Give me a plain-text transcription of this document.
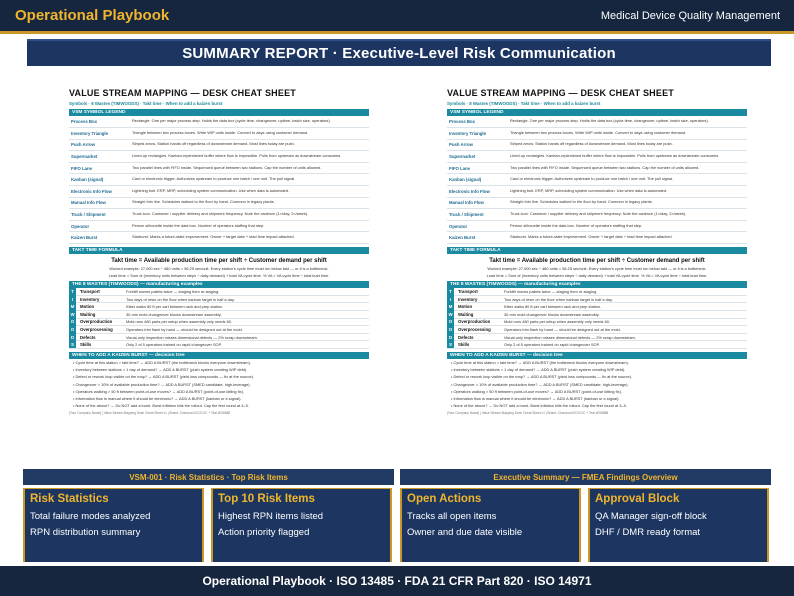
Operational Playbook	Medical Device Quality Management
SUMMARY REPORT · Executive-Level Risk Communication
VALUE STREAM MAPPING — DESK CHEAT SHEET
Symbols · 8 Wastes (TIMWOODS) · Takt time · When to add a kaizen burst
VSM SYMBOL LEGEND
Process Box	Rectangle. One per major process step. Holds the data box (cycle time, changeover, uptime, batch size, operators).
Inventory Triangle	Triangle between two process boxes. Write WIP units inside. Convert to days using customer demand.
Push Arrow	Striped arrow. Station hands off regardless of downstream demand. Most lines today are push.
Supermarket	Lined-up rectangles. Kanban-replenished buffer where flow is impossible. Pulls from upstream as downstream consumes.
FIFO Lane	Two parallel lines with FIFO inside. Sequenced queue between two stations. Cap the number of units allowed.
Kanban (signal)	Card or electronic trigger. Authorizes upstream to produce one batch / one unit. The pull signal.
Electronic Info Flow	Lightning bolt. ERP, MRP, scheduling system communication. Use when data is automated.
Manual Info Flow	Straight thin line. Schedules walked to the floor by hand. Common in legacy plants.
Truck / Shipment	Truck icon. Customer / supplier delivery and shipment frequency. Note the cadence (1×/day, 2×/week).
Operator	Person silhouette inside the data box. Number of operators staffing that step.
Kaizen Burst	Starburst. Marks a future-state improvement. Owner + target date + lead time impact attached.
TAKT TIME FORMULA
Takt time = Available production time per shift ÷ Customer demand per shift
Worked example: 27,000 sec ÷ 480 units = 56.25 sec/unit. Every station's cycle time must run below takt — or it is a bottleneck.
Lead time = Sum of (inventory units between steps ÷ daily demand) + total VA cycle time. % VA = VA cycle time ÷ total lead time.
THE 8 WASTES (TIMWOODS) — manufacturing examples
T	Transport	Forklift moves pallets twice — staging then re-staging.
I	Inventory	Two days of resin on the floor when kanban target is half a day.
M	Motion	Kitter walks 80 ft per cart between rack and prep station.
W	Waiting	30-min mold changeover blocks downstream assembly.
O	Overproduction	Mold runs 480 parts per setup when assembly only needs 60.
O	Overprocessing	Operators trim flash by hand — should be designed out at the mold.
D	Defects	Visual-only inspection misses dimensional defects — 2% scrap downstream.
S	Skills	Only 2 of 5 operators trained on rapid changeover SOP.
WHEN TO ADD A KAIZEN BURST — decision tree
• Cycle time at this station > takt time? → ADD A BURST (the bottleneck blocks everyone downstream).
• Inventory between stations > 1 day of demand? → ADD A BURST (push system creating WIP debt).
• Defect or rework loop visible on the map? → ADD A BURST (yield loss compounds — fix at the source).
• Changeover > 10% of available production time? → ADD A BURST (SMED candidate, high-leverage).
• Operators walking > 50 ft between point-of-use moves? → ADD A BURST (point-of-use kitting fix).
• Information flow is manual where it should be electronic? → ADD A BURST (kanban or e-signal).
• None of the above? → Do NOT add a burst. Burst inflation kills the rollout. Cap the first round at 3–5.
[Your Company Name] | Value Stream Mapping Desk Cheat Sheet v1 | Brand: Charcoal #2C2C2C + Teal #008888
VALUE STREAM MAPPING — DESK CHEAT SHEET
Symbols · 8 Wastes (TIMWOODS) · Takt time · When to add a kaizen burst
VSM SYMBOL LEGEND
Process Box	Rectangle. One per major process step. Holds the data box (cycle time, changeover, uptime, batch size, operators).
Inventory Triangle	Triangle between two process boxes. Write WIP units inside. Convert to days using customer demand.
Push Arrow	Striped arrow. Station hands off regardless of downstream demand. Most lines today are push.
Supermarket	Lined-up rectangles. Kanban-replenished buffer where flow is impossible. Pulls from upstream as downstream consumes.
FIFO Lane	Two parallel lines with FIFO inside. Sequenced queue between two stations. Cap the number of units allowed.
Kanban (signal)	Card or electronic trigger. Authorizes upstream to produce one batch / one unit. The pull signal.
Electronic Info Flow	Lightning bolt. ERP, MRP, scheduling system communication. Use when data is automated.
Manual Info Flow	Straight thin line. Schedules walked to the floor by hand. Common in legacy plants.
Truck / Shipment	Truck icon. Customer / supplier delivery and shipment frequency. Note the cadence (1×/day, 2×/week).
Operator	Person silhouette inside the data box. Number of operators staffing that step.
Kaizen Burst	Starburst. Marks a future-state improvement. Owner + target date + lead time impact attached.
TAKT TIME FORMULA
Takt time = Available production time per shift ÷ Customer demand per shift
Worked example: 27,000 sec ÷ 480 units = 56.25 sec/unit. Every station's cycle time must run below takt — or it is a bottleneck.
Lead time = Sum of (inventory units between steps ÷ daily demand) + total VA cycle time. % VA = VA cycle time ÷ total lead time.
THE 8 WASTES (TIMWOODS) — manufacturing examples
T	Transport	Forklift moves pallets twice — staging then re-staging.
I	Inventory	Two days of resin on the floor when kanban target is half a day.
M	Motion	Kitter walks 80 ft per cart between rack and prep station.
W	Waiting	30-min mold changeover blocks downstream assembly.
O	Overproduction	Mold runs 480 parts per setup when assembly only needs 60.
O	Overprocessing	Operators trim flash by hand — should be designed out at the mold.
D	Defects	Visual-only inspection misses dimensional defects — 2% scrap downstream.
S	Skills	Only 2 of 5 operators trained on rapid changeover SOP.
WHEN TO ADD A KAIZEN BURST — decision tree
• Cycle time at this station > takt time? → ADD A BURST (the bottleneck blocks everyone downstream).
• Inventory between stations > 1 day of demand? → ADD A BURST (push system creating WIP debt).
• Defect or rework loop visible on the map? → ADD A BURST (yield loss compounds — fix at the source).
• Changeover > 10% of available production time? → ADD A BURST (SMED candidate, high-leverage).
• Operators walking > 50 ft between point-of-use moves? → ADD A BURST (point-of-use kitting fix).
• Information flow is manual where it should be electronic? → ADD A BURST (kanban or e-signal).
• None of the above? → Do NOT add a burst. Burst inflation kills the rollout. Cap the first round at 3–5.
[Your Company Name] | Value Stream Mapping Desk Cheat Sheet v1 | Brand: Charcoal #2C2C2C + Teal #008888
VSM-001 · Risk Statistics · Top Risk Items	Executive Summary — FMEA Findings Overview
Risk Statistics
Total failure modes analyzed
RPN distribution summary
Top 10 Risk Items
Highest RPN items listed
Action priority flagged
Open Actions
Tracks all open items
Owner and due date visible
Approval Block
QA Manager sign-off block
DHF / DMR ready format
Operational Playbook · ISO 13485 · FDA 21 CFR Part 820 · ISO 14971
